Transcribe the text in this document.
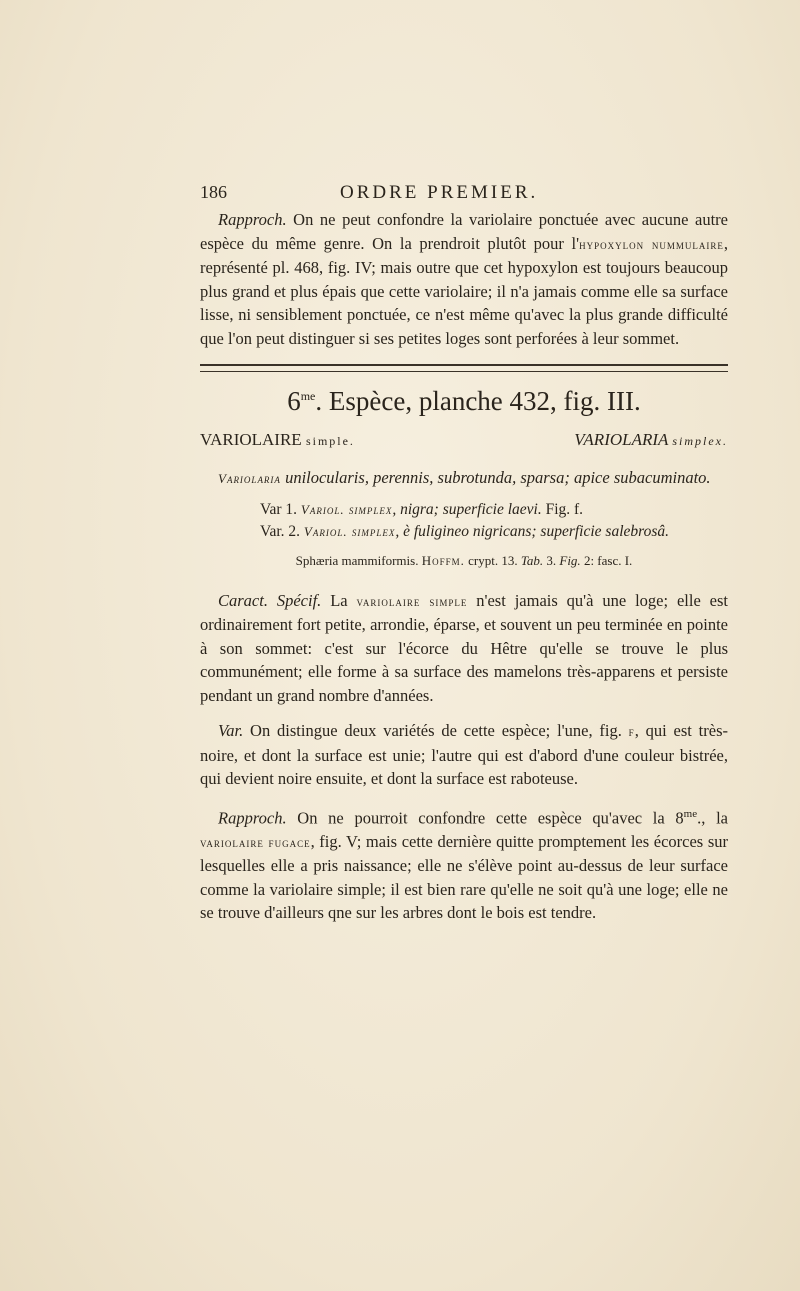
186	ORDRE PREMIER.

Rapproch. On ne peut confondre la variolaire ponctuée avec aucune autre espèce du même genre. On la prendroit plutôt pour l'hypoxylon nummulaire, représenté pl. 468, fig. IV; mais outre que cet hypoxylon est toujours beaucoup plus grand et plus épais que cette variolaire; il n'a jamais comme elle sa surface lisse, ni sensiblement ponctuée, ce n'est même qu'avec la plus grande difficulté que l'on peut distinguer si ses petites loges sont perforées à leur sommet.

$6^{me}$. Espèce, planche 432, fig. III.
VARIOLAIRE simple.	VARIOLARIA simplex.

Variolaria unilocularis, perennis, subrotunda, sparsa; apice subacuminato.

Var 1. Variol. simplex, nigra; superficie laevi. Fig. f.

Var. 2. Variol. simplex, è fuligineo nigricans; superficie salebrosâ.

Sphæria mammiformis. Hoffm. crypt. 13. Tab. 3. Fig. 2: fasc. I.

Caract. Spécif. La variolaire simple n'est jamais qu'à une loge; elle est ordinairement fort petite, arrondie, éparse, et souvent un peu terminée en pointe à son sommet: c'est sur l'écorce du Hêtre qu'elle se trouve le plus communément; elle forme à sa surface des mamelons très-apparens et persiste pendant un grand nombre d'années.

Var. On distingue deux variétés de cette espèce; l'une, fig. f, qui est très-noire, et dont la surface est unie; l'autre qui est d'abord d'une couleur bistrée, qui devient noire ensuite, et dont la surface est raboteuse.

Rapproch. On ne pourroit confondre cette espèce qu'avec la $8^{me}$., la variolaire fugace, fig. V; mais cette dernière quitte promptement les écorces sur lesquelles elle a pris naissance; elle ne s'élève point au-dessus de leur surface comme la variolaire simple; il est bien rare qu'elle ne soit qu'à une loge; elle ne se trouve d'ailleurs qne sur les arbres dont le bois est tendre.
